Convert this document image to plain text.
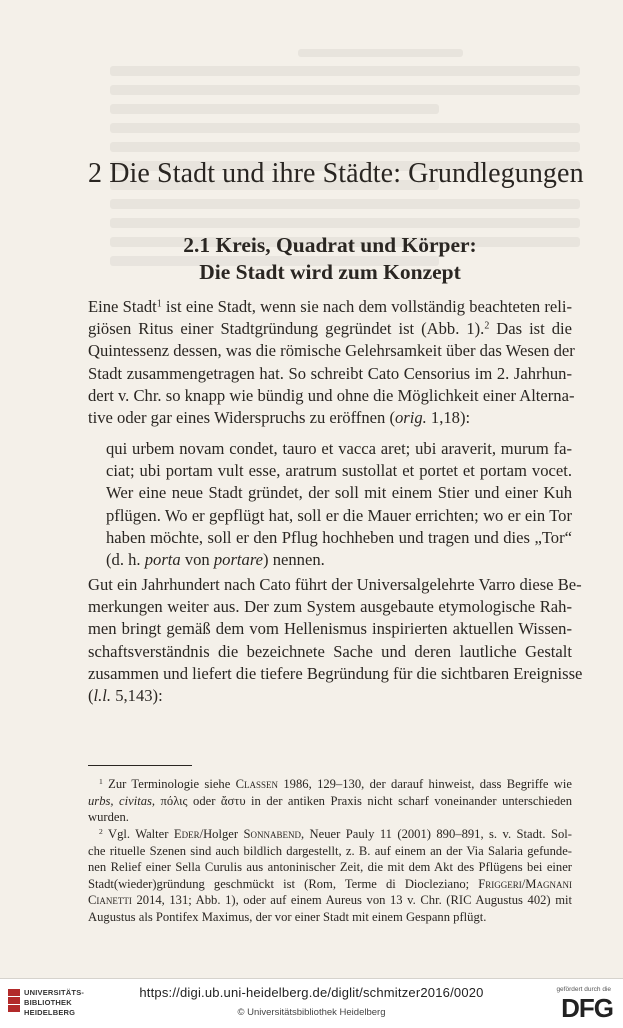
2 Die Stadt und ihre Städte: Grundlegungen
2.1 Kreis, Quadrat und Körper:
Die Stadt wird zum Konzept

Eine Stadt$^1$ ist eine Stadt, wenn sie nach dem vollständig beachteten reli-
giösen Ritus einer Stadtgründung gegründet ist (Abb. 1).$^2$ Das ist die
Quintessenz dessen, was die römische Gelehrsamkeit über das Wesen der
Stadt zusammengetragen hat. So schreibt Cato Censorius im 2. Jahrhun-
dert v. Chr. so knapp wie bündig und ohne die Möglichkeit einer Alterna-
tive oder gar eines Widerspruchs zu eröffnen (orig. 1,18):

qui urbem novam condet, tauro et vacca aret; ubi araverit, murum fa-
ciat; ubi portam vult esse, aratrum sustollat et portet et portam vocet.
Wer eine neue Stadt gründet, der soll mit einem Stier und einer Kuh
pflügen. Wo er gepflügt hat, soll er die Mauer errichten; wo er ein Tor
haben möchte, soll er den Pflug hochheben und tragen und dies „Tor“
(d. h. porta von portare) nennen.

Gut ein Jahrhundert nach Cato führt der Universalgelehrte Varro diese Be-
merkungen weiter aus. Der zum System ausgebaute etymologische Rah-
men bringt gemäß dem vom Hellenismus inspirierten aktuellen Wissen-
schaftsverständnis die bezeichnete Sache und deren lautliche Gestalt
zusammen und liefert die tiefere Begründung für die sichtbaren Ereignisse
(l.l. 5,143):

$^1$ Zur Terminologie siehe Classen 1986, 129–130, der darauf hinweist, dass Begriffe wie
urbs, civitas, πόλις oder ἄστυ in der antiken Praxis nicht scharf voneinander unterschieden
wurden.

$^2$ Vgl. Walter Eder/Holger Sonnabend, Neuer Pauly 11 (2001) 890–891, s. v. Stadt. Sol-
che rituelle Szenen sind auch bildlich dargestellt, z. B. auf einem an der Via Salaria gefunde-
nen Relief einer Sella Curulis aus antoninischer Zeit, die mit dem Akt des Pflügens bei einer
Stadt(wieder)gründung geschmückt ist (Rom, Terme di Diocleziano; Friggeri/Magnani
Cianetti 2014, 131; Abb. 1), oder auf einem Aureus von 13 v. Chr. (RIC Augustus 402) mit
Augustus als Pontifex Maximus, der vor einer Stadt mit einem Gespann pflügt.

UNIVERSITÄTS-
BIBLIOTHEK
HEIDELBERG
https://digi.ub.uni-heidelberg.de/diglit/schmitzer2016/0020
© Universitätsbibliothek Heidelberg
gefördert durch die
DFG
